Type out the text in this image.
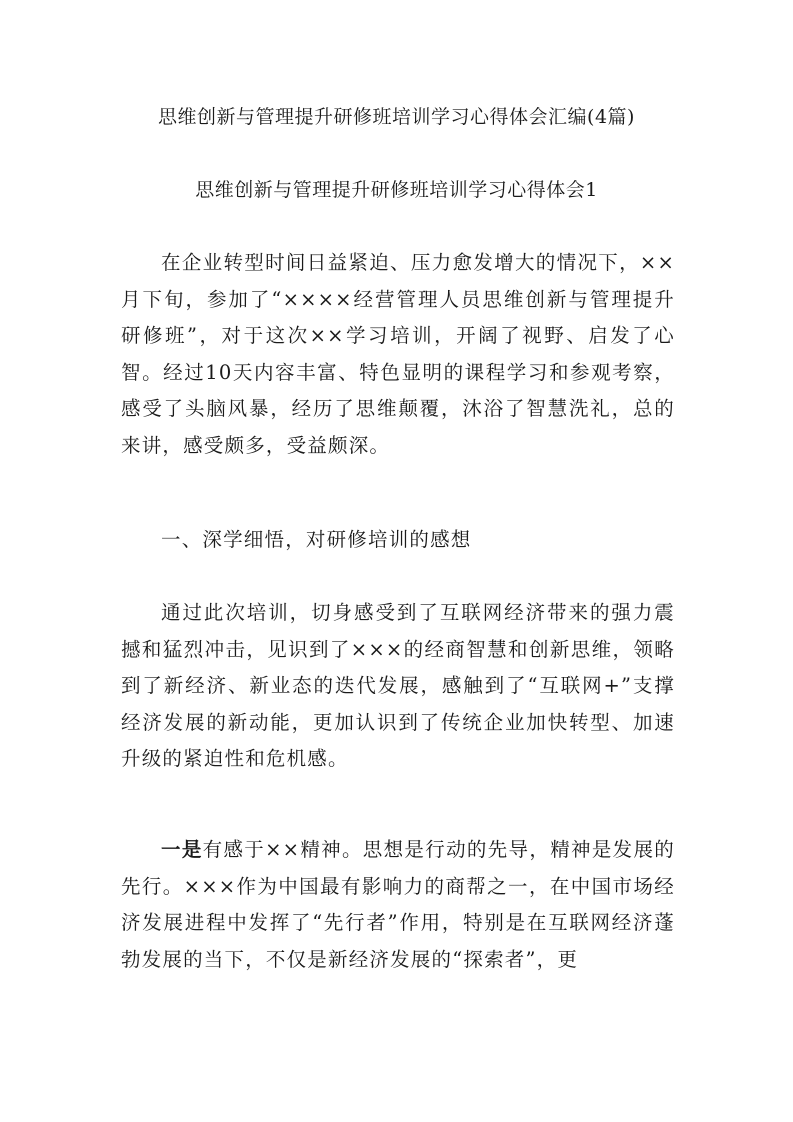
思维创新与管理提升研修班培训学习心得体会汇编(4篇)
思维创新与管理提升研修班培训学习心得体会1

在企业转型时间日益紧迫、压力愈发增大的情况下，××月下旬，参加了“××××经营管理人员思维创新与管理提升研修班”，对于这次××学习培训，开阔了视野、启发了心智。经过10天内容丰富、特色显明的课程学习和参观考察，感受了头脑风暴，经历了思维颠覆，沐浴了智慧洗礼，总的来讲，感受颇多，受益颇深。

一、深学细悟，对研修培训的感想

通过此次培训，切身感受到了互联网经济带来的强力震撼和猛烈冲击，见识到了×××的经商智慧和创新思维，领略到了新经济、新业态的迭代发展，感触到了“互联网+”支撑经济发展的新动能，更加认识到了传统企业加快转型、加速升级的紧迫性和危机感。

一是有感于××精神。思想是行动的先导，精神是发展的先行。×××作为中国最有影响力的商帮之一，在中国市场经济发展进程中发挥了“先行者”作用，特别是在互联网经济蓬勃发展的当下，不仅是新经济发展的“探索者”，更
